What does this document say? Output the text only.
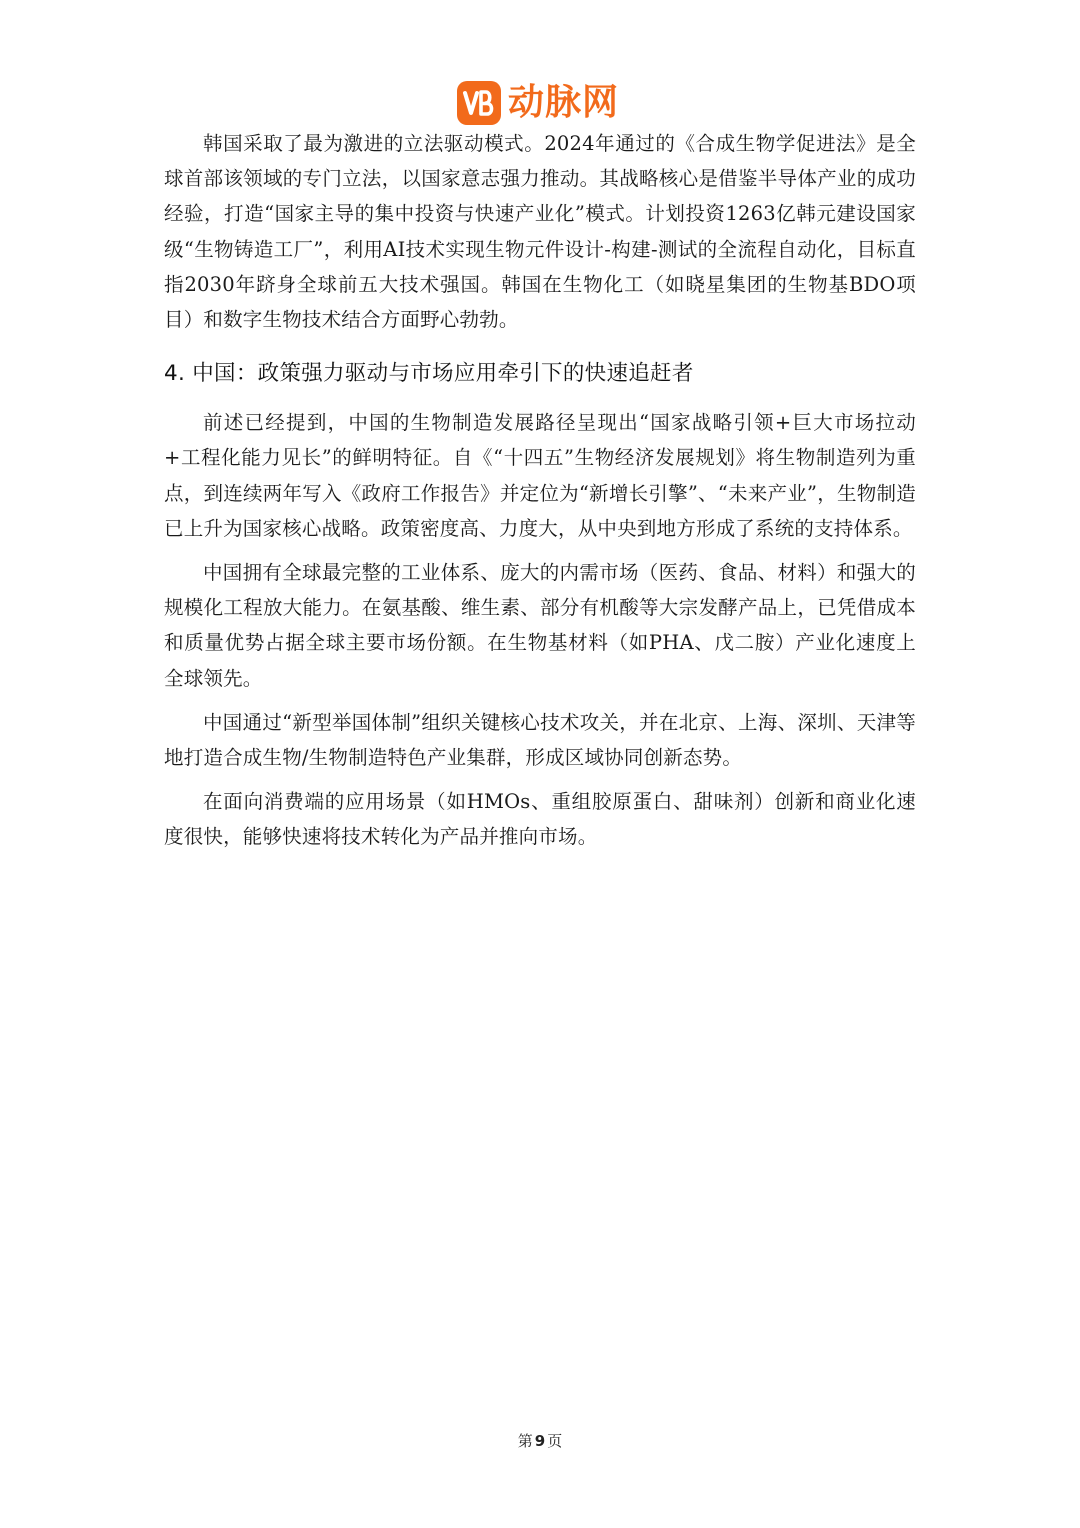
动脉网

韩国采取了最为激进的立法驱动模式。2024年通过的《合成生物学促进法》是全球首部该领域的专门立法，以国家意志强力推动。其战略核心是借鉴半导体产业的成功经验，打造“国家主导的集中投资与快速产业化”模式。计划投资1263亿韩元建设国家级“生物铸造工厂”，利用AI技术实现生物元件设计-构建-测试的全流程自动化，目标直指2030年跻身全球前五大技术强国。韩国在生物化工（如晓星集团的生物基BDO项目）和数字生物技术结合方面野心勃勃。

4. 中国：政策强力驱动与市场应用牵引下的快速追赶者

前述已经提到，中国的生物制造发展路径呈现出“国家战略引领+巨大市场拉动+工程化能力见长”的鲜明特征。自《“十四五”生物经济发展规划》将生物制造列为重点，到连续两年写入《政府工作报告》并定位为“新增长引擎”、“未来产业”，生物制造已上升为国家核心战略。政策密度高、力度大，从中央到地方形成了系统的支持体系。

中国拥有全球最完整的工业体系、庞大的内需市场（医药、食品、材料）和强大的规模化工程放大能力。在氨基酸、维生素、部分有机酸等大宗发酵产品上，已凭借成本和质量优势占据全球主要市场份额。在生物基材料（如PHA、戊二胺）产业化速度上全球领先。

中国通过“新型举国体制”组织关键核心技术攻关，并在北京、上海、深圳、天津等地打造合成生物/生物制造特色产业集群，形成区域协同创新态势。

在面向消费端的应用场景（如HMOs、重组胶原蛋白、甜味剂）创新和商业化速度很快，能够快速将技术转化为产品并推向市场。

第 9 页
